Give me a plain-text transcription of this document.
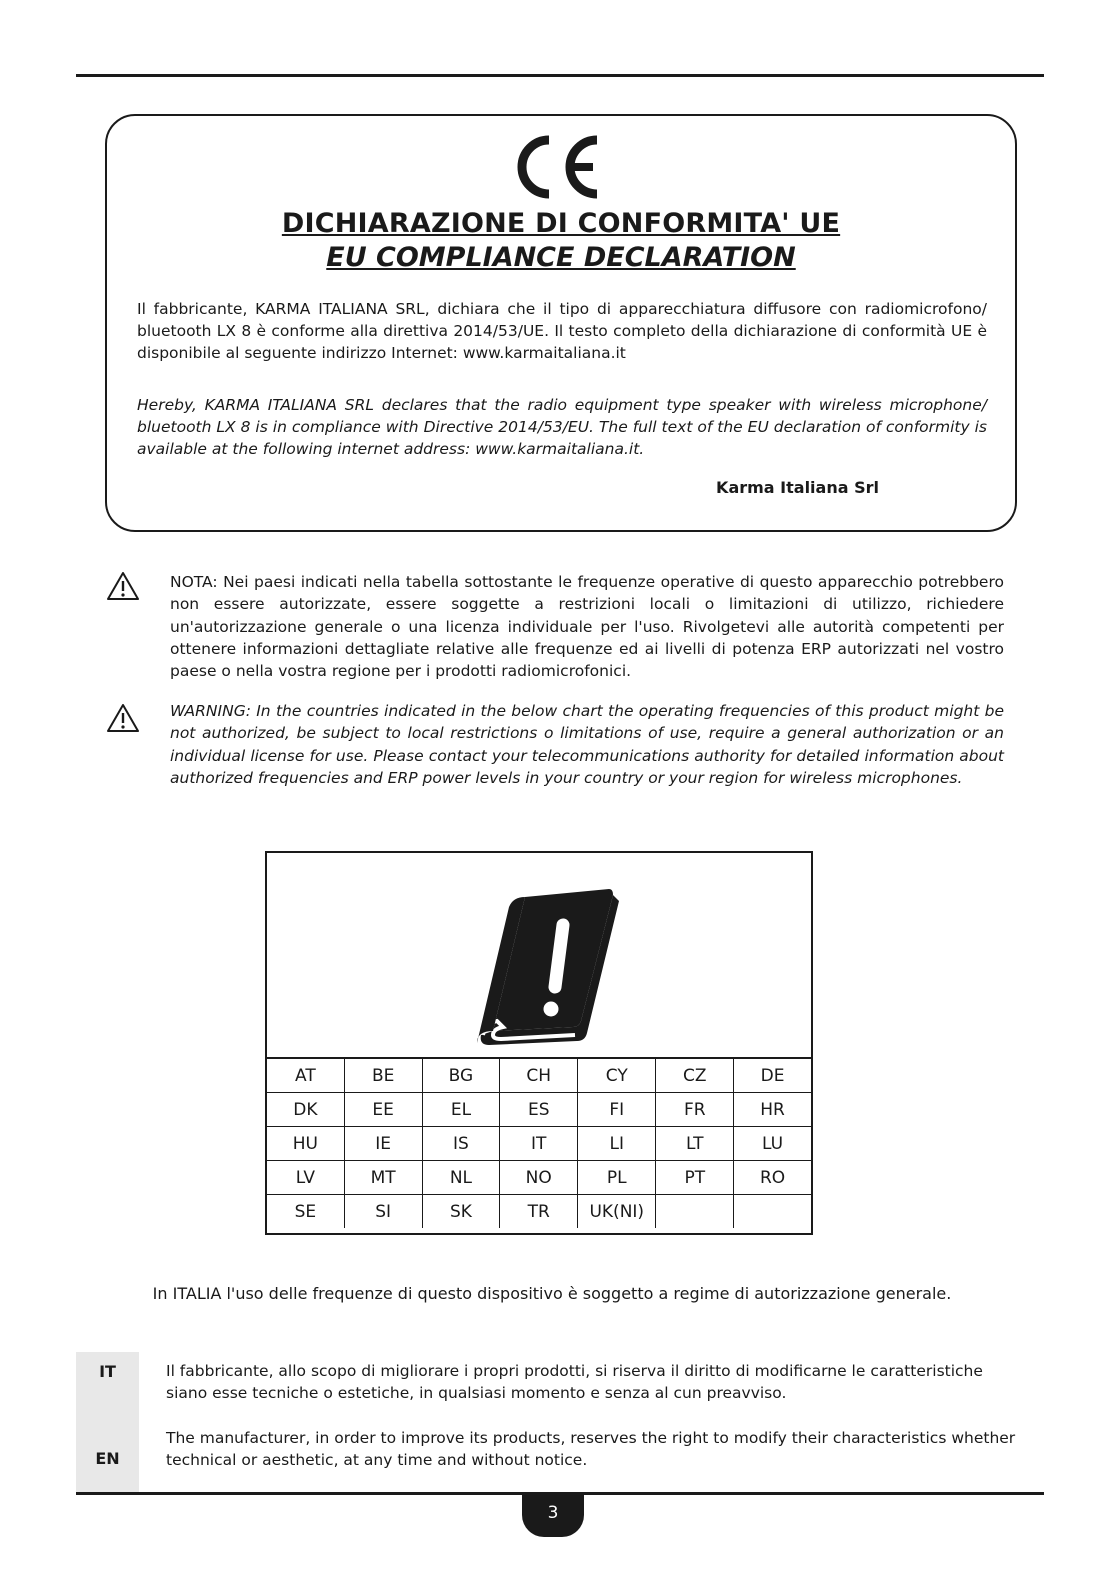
DICHIARAZIONE DI CONFORMITA' UE
EU COMPLIANCE DECLARATION

Il fabbricante, KARMA ITALIANA SRL, dichiara che il tipo di apparecchiatura diffusore con radiomicrofono/ bluetooth LX 8 è conforme alla direttiva 2014/53/UE. Il testo completo della dichiarazione di conformità UE è disponibile al seguente indirizzo Internet: www.karmaitaliana.it

Hereby, KARMA ITALIANA SRL declares that the radio equipment type speaker with wireless microphone/ bluetooth LX 8 is in compliance with Directive 2014/53/EU. The full text of the EU declaration of conformity is available at the following internet address: www.karmaitaliana.it.

Karma Italiana Srl

NOTA: Nei paesi indicati nella tabella sottostante le frequenze operative di questo apparecchio potrebbero non essere autorizzate, essere soggette a restrizioni locali o limitazioni di utilizzo, richiedere un'autorizzazione generale o una licenza individuale per l'uso. Rivolgetevi alle autorità competenti per ottenere informazioni dettagliate relative alle frequenze ed ai livelli di potenza ERP autorizzati nel vostro paese o nella vostra regione per i prodotti radiomicrofonici.

WARNING: In the countries indicated in the below chart the operating frequencies of this product might be not authorized, be subject to local restrictions o limitations of use, require a general authorization or an individual license for use. Please contact your telecommunications authority for detailed information about authorized frequencies and ERP power levels in your country or your region for wireless microphones.

AT	BE	BG	CH	CY	CZ	DE
DK	EE	EL	ES	FI	FR	HR
HU	IE	IS	IT	LI	LT	LU
LV	MT	NL	NO	PL	PT	RO
SE	SI	SK	TR	UK(NI)		
In ITALIA l'uso delle frequenze di questo dispositivo è soggetto a regime di autorizzazione generale.
IT
EN

Il fabbricante, allo scopo di migliorare i propri prodotti, si riserva il diritto di modificarne le caratteristiche siano esse tecniche o estetiche, in qualsiasi momento e senza al cun preavviso.

The manufacturer, in order to improve its products, reserves the right to modify their characteristics whether technical or aesthetic, at any time and without notice.

3
